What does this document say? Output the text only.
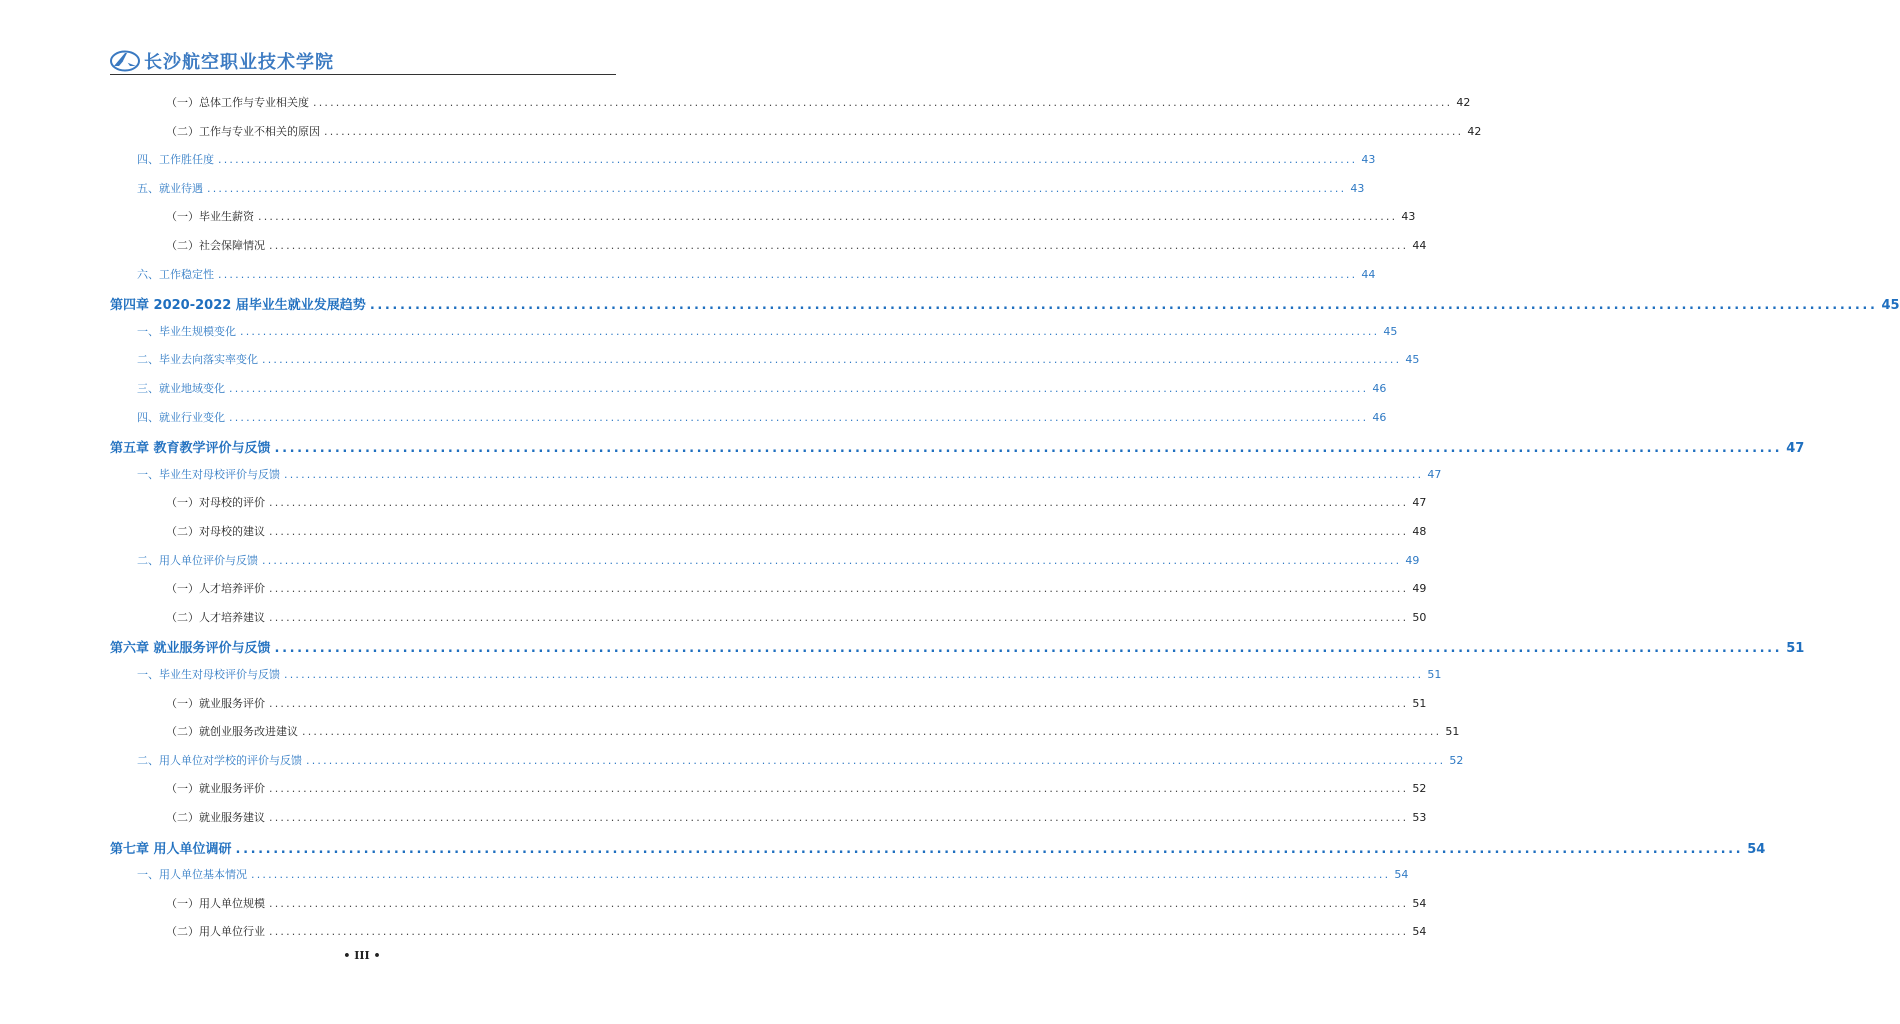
长沙航空职业技术学院
（一）总体工作与专业相关度 ........................................................................................................................................................................................................ 42
（二）工作与专业不相关的原因 ........................................................................................................................................................................................................ 42
四、工作胜任度 ........................................................................................................................................................................................................ 43
五、就业待遇 ........................................................................................................................................................................................................ 43
（一）毕业生薪资 ........................................................................................................................................................................................................ 43
（二）社会保障情况 ........................................................................................................................................................................................................ 44
六、工作稳定性 ........................................................................................................................................................................................................ 44
第四章 2020-2022 届毕业生就业发展趋势 ........................................................................................................................................................................................................ 45
一、毕业生规模变化 ........................................................................................................................................................................................................ 45
二、毕业去向落实率变化 ........................................................................................................................................................................................................ 45
三、就业地域变化 ........................................................................................................................................................................................................ 46
四、就业行业变化 ........................................................................................................................................................................................................ 46
第五章 教育教学评价与反馈 ........................................................................................................................................................................................................ 47
一、毕业生对母校评价与反馈 ........................................................................................................................................................................................................ 47
（一）对母校的评价 ........................................................................................................................................................................................................ 47
（二）对母校的建议 ........................................................................................................................................................................................................ 48
二、用人单位评价与反馈 ........................................................................................................................................................................................................ 49
（一）人才培养评价 ........................................................................................................................................................................................................ 49
（二）人才培养建议 ........................................................................................................................................................................................................ 50
第六章 就业服务评价与反馈 ........................................................................................................................................................................................................ 51
一、毕业生对母校评价与反馈 ........................................................................................................................................................................................................ 51
（一）就业服务评价 ........................................................................................................................................................................................................ 51
（二）就创业服务改进建议 ........................................................................................................................................................................................................ 51
二、用人单位对学校的评价与反馈 ........................................................................................................................................................................................................ 52
（一）就业服务评价 ........................................................................................................................................................................................................ 52
（二）就业服务建议 ........................................................................................................................................................................................................ 53
第七章 用人单位调研 ........................................................................................................................................................................................................ 54
一、用人单位基本情况 ........................................................................................................................................................................................................ 54
（一）用人单位规模 ........................................................................................................................................................................................................ 54
（二）用人单位行业 ........................................................................................................................................................................................................ 54
• III •
